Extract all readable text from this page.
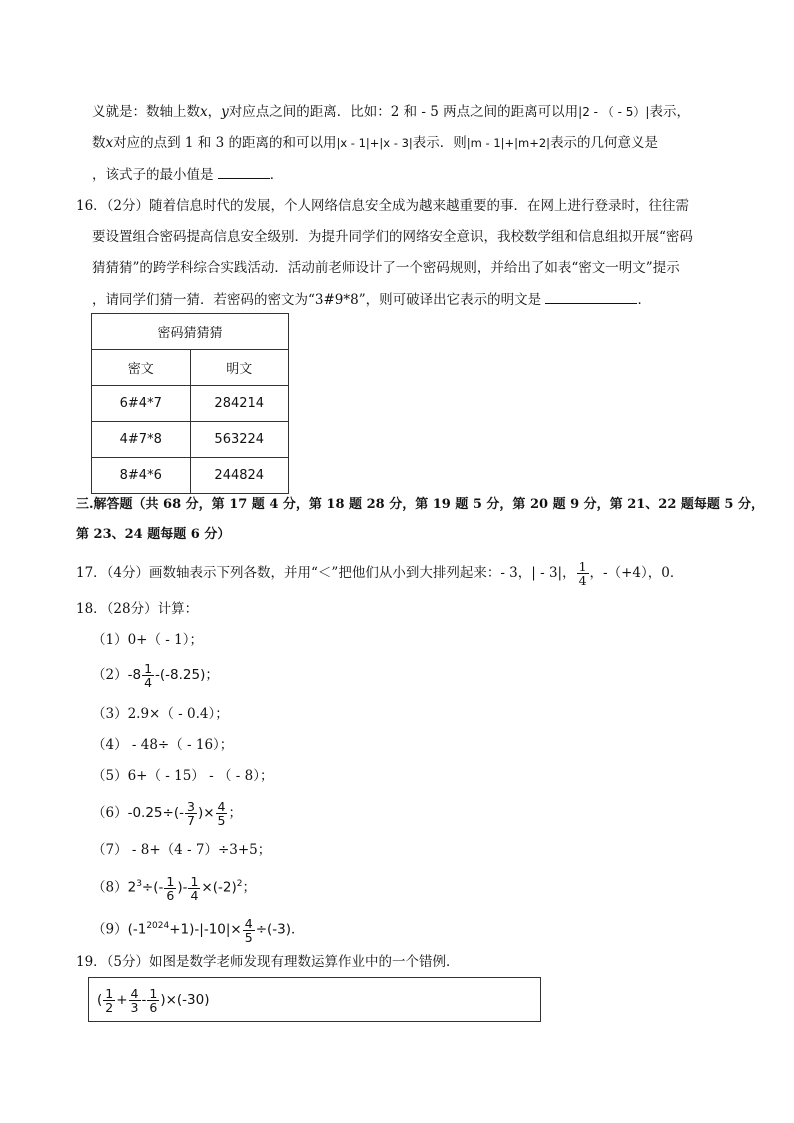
义就是：数轴上数x，y对应点之间的距离．比如：2 和 - 5 两点之间的距离可以用|2 - （ - 5）|表示，
数x对应的点到 1 和 3 的距离的和可以用|x - 1|+|x - 3|表示．则|m - 1|+|m+2|表示的几何意义是
，该式子的最小值是	．
16．（2分）随着信息时代的发展，个人网络信息安全成为越来越重要的事．在网上进行登录时，往往需
要设置组合密码提高信息安全级别．为提升同学们的网络安全意识，我校数学组和信息组拟开展“密码
猜猜猜”的跨学科综合实践活动．活动前老师设计了一个密码规则，并给出了如表“密文一明文”提示
，请同学们猜一猜．若密码的密文为“3#9*8”，则可破译出它表示的明文是	．
密码猜猜猜	
密文	明文
6#4*7	284214
4#7*8	563224
8#4*6	244824
三.解答题（共 68 分，第 17 题 4 分，第 18 题 28 分，第 19 题 5 分，第 20 题 9 分，第 21、22 题每题 5 分，
第 23、24 题每题 6 分）
17．（4分）画数轴表示下列各数，并用“＜”把他们从小到大排列起来：- 3，| - 3|， $\frac{1}{4}$ ，-（+4），0．
18．（28分）计算：
（1）0+（ - 1）；
$(2)-8 \frac{1}{4} -(-8.25)$；
（3）2.9×（ - 0.4）；
（4） - 48÷（ - 16）；
（5）6+（ - 15） - （ - 8）；
$(6)-0.25\div(- \frac{3}{7}$ )× $\frac{4}{5}$ ；
（7） - 8+（4 - 7）÷3+5；
$(8)2^3\div(- \frac{1}{6}$ )- $\frac{1}{4} \times(-2)^2$；
$(9)(-1^{2024}+1)-|-10|\times \frac{4}{5} \div(-3)$．
19．（5分）如图是数学老师发现有理数运算作业中的一个错例．
( $\frac{1}{2} + \frac{4}{3} - \frac{1}{6} )\times(-30)$
